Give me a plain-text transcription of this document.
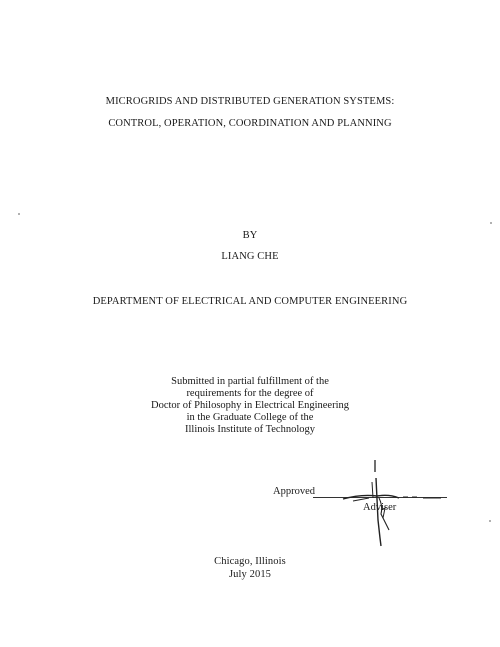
MICROGRIDS AND DISTRIBUTED GENERATION SYSTEMS:
CONTROL, OPERATION, COORDINATION AND PLANNING
BY
LIANG CHE
DEPARTMENT OF ELECTRICAL AND COMPUTER ENGINEERING
Submitted in partial fulfillment of the
requirements for the degree of
Doctor of Philosophy in Electrical Engineering
in the Graduate College of the
Illinois Institute of Technology
Approved
Adviser
Chicago, Illinois
July 2015
